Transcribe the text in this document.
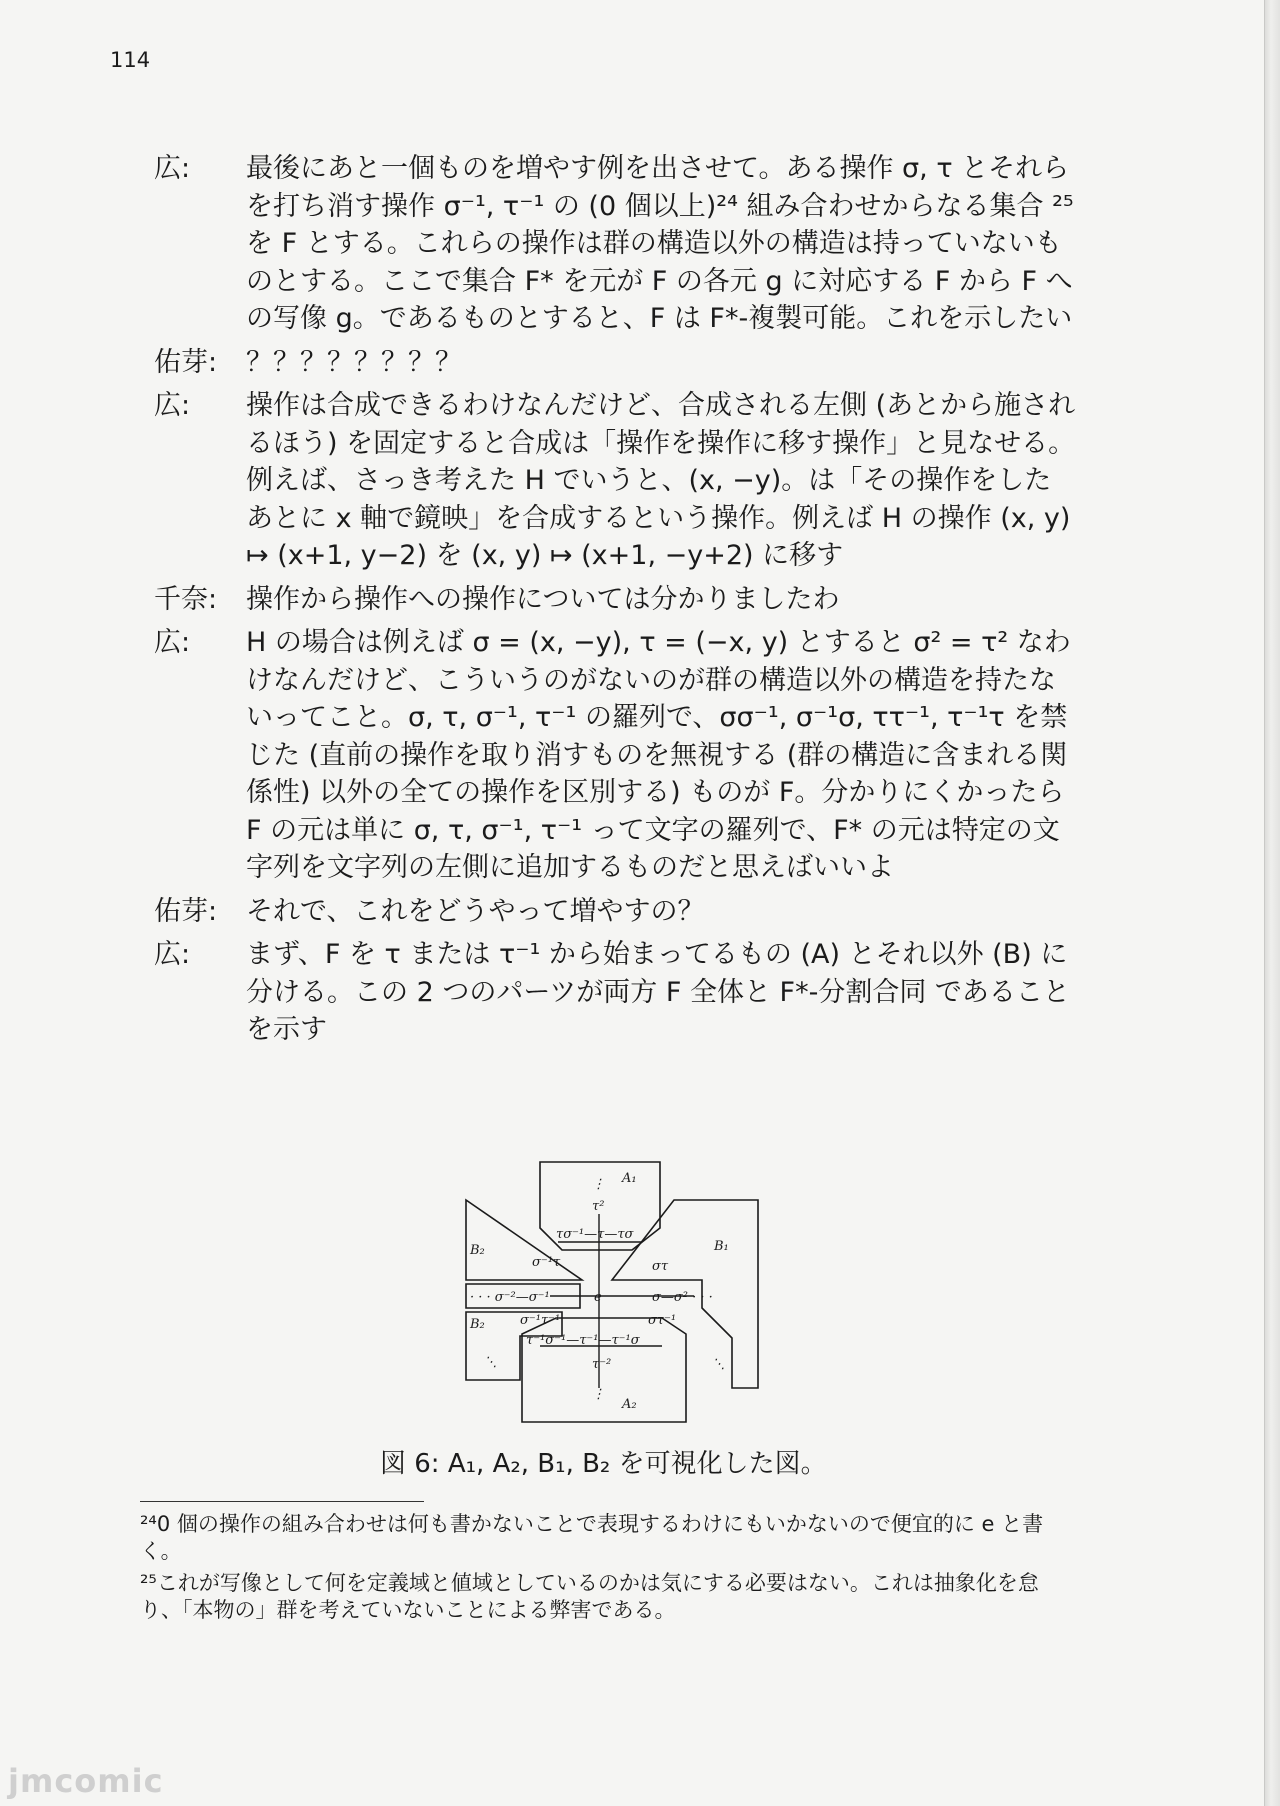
114
広:	最後にあと一個ものを増やす例を出させて。ある操作 σ, τ とそれらを打ち消す操作 σ⁻¹, τ⁻¹ の (0 個以上)²⁴ 組み合わせからなる集合 ²⁵を F とする。これらの操作は群の構造以外の構造は持っていないものとする。ここで集合 F* を元が F の各元 g に対応する F から F への写像 g。であるものとすると、F は F*-複製可能。これを示したい
佑芽:	？？？？？？？？
広:	操作は合成できるわけなんだけど、合成される左側 (あとから施されるほう) を固定すると合成は「操作を操作に移す操作」と見なせる。例えば、さっき考えた H でいうと、(x, −y)。は「その操作をしたあとに x 軸で鏡映」を合成するという操作。例えば H の操作 (x, y) ↦ (x+1, y−2) を (x, y) ↦ (x+1, −y+2) に移す
千奈:	操作から操作への操作については分かりましたわ
広:	H の場合は例えば σ = (x, −y), τ = (−x, y) とすると σ² = τ² なわけなんだけど、こういうのがないのが群の構造以外の構造を持たないってこと。σ, τ, σ⁻¹, τ⁻¹ の羅列で、σσ⁻¹, σ⁻¹σ, ττ⁻¹, τ⁻¹τ を禁じた (直前の操作を取り消すものを無視する (群の構造に含まれる関係性) 以外の全ての操作を区別する) ものが F。分かりにくかったら F の元は単に σ, τ, σ⁻¹, τ⁻¹ って文字の羅列で、F* の元は特定の文字列を文字列の左側に追加するものだと思えばいいよ
佑芽:	それで、これをどうやって増やすの？
広:	まず、F を τ または τ⁻¹ から始まってるもの (A) とそれ以外 (B) に分ける。この 2 つのパーツが両方 F 全体と F*-分割合同 であることを示す
A₁
⋮
τ²
τσ⁻¹—τ—τσ
B₂	B₁
σ⁻¹τ	στ
· · · σ⁻²—σ⁻¹	e	σ—σ² · · ·
σ⁻¹τ⁻¹	στ⁻¹
B₂
τ⁻¹σ⁻¹—τ⁻¹—τ⁻¹σ
τ⁻²
⋮
A₂
⋱
⋱
図 6: A₁, A₂, B₁, B₂ を可視化した図。
²⁴0 個の操作の組み合わせは何も書かないことで表現するわけにもいかないので便宜的に e と書く。
²⁵これが写像として何を定義域と値域としているのかは気にする必要はない。これは抽象化を怠り、「本物の」群を考えていないことによる弊害である。
jmcomic
